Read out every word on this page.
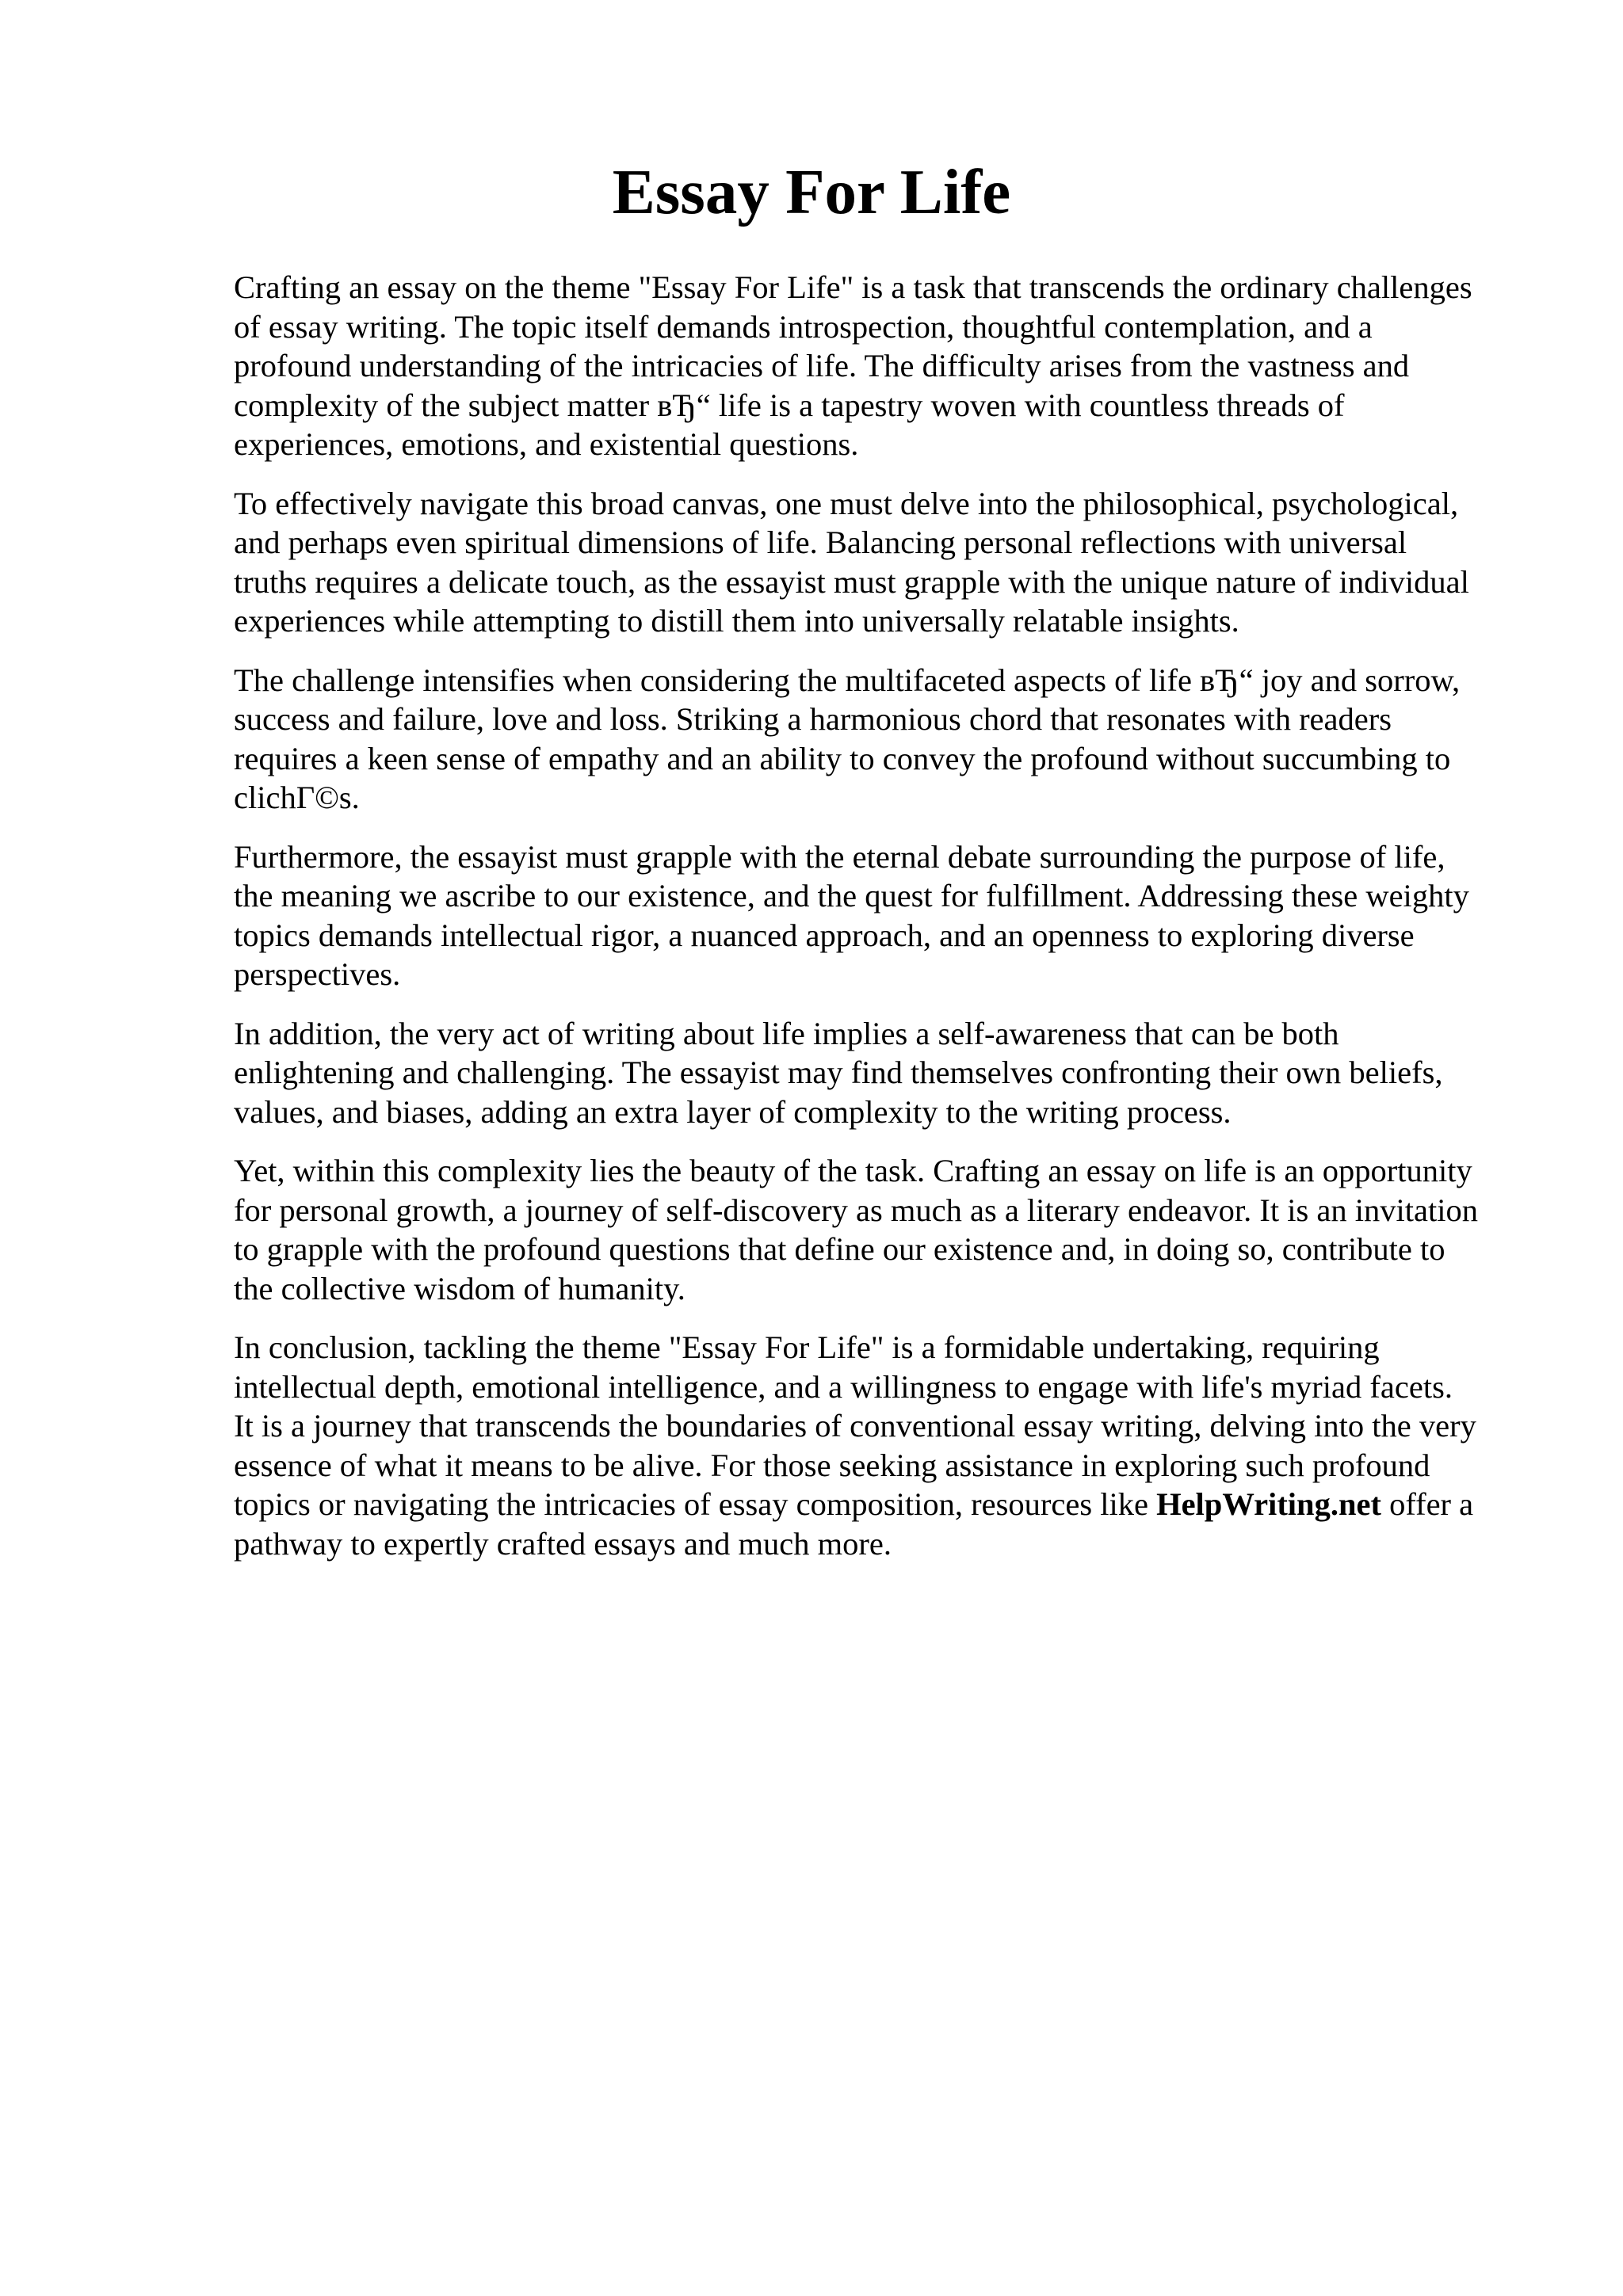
Essay For Life

Crafting an essay on the theme "Essay For Life" is a task that transcends the ordinary challenges
of essay writing. The topic itself demands introspection, thoughtful contemplation, and a
profound understanding of the intricacies of life. The difficulty arises from the vastness and
complexity of the subject matter вЂ“ life is a tapestry woven with countless threads of
experiences, emotions, and existential questions.

To effectively navigate this broad canvas, one must delve into the philosophical, psychological,
and perhaps even spiritual dimensions of life. Balancing personal reflections with universal
truths requires a delicate touch, as the essayist must grapple with the unique nature of individual
experiences while attempting to distill them into universally relatable insights.

The challenge intensifies when considering the multifaceted aspects of life вЂ“ joy and sorrow,
success and failure, love and loss. Striking a harmonious chord that resonates with readers
requires a keen sense of empathy and an ability to convey the profound without succumbing to
clichГ©s.

Furthermore, the essayist must grapple with the eternal debate surrounding the purpose of life,
the meaning we ascribe to our existence, and the quest for fulfillment. Addressing these weighty
topics demands intellectual rigor, a nuanced approach, and an openness to exploring diverse
perspectives.

In addition, the very act of writing about life implies a self-awareness that can be both
enlightening and challenging. The essayist may find themselves confronting their own beliefs,
values, and biases, adding an extra layer of complexity to the writing process.

Yet, within this complexity lies the beauty of the task. Crafting an essay on life is an opportunity
for personal growth, a journey of self-discovery as much as a literary endeavor. It is an invitation
to grapple with the profound questions that define our existence and, in doing so, contribute to
the collective wisdom of humanity.

In conclusion, tackling the theme "Essay For Life" is a formidable undertaking, requiring
intellectual depth, emotional intelligence, and a willingness to engage with life's myriad facets.
It is a journey that transcends the boundaries of conventional essay writing, delving into the very
essence of what it means to be alive. For those seeking assistance in exploring such profound
topics or navigating the intricacies of essay composition, resources like HelpWriting.net offer a
pathway to expertly crafted essays and much more.
